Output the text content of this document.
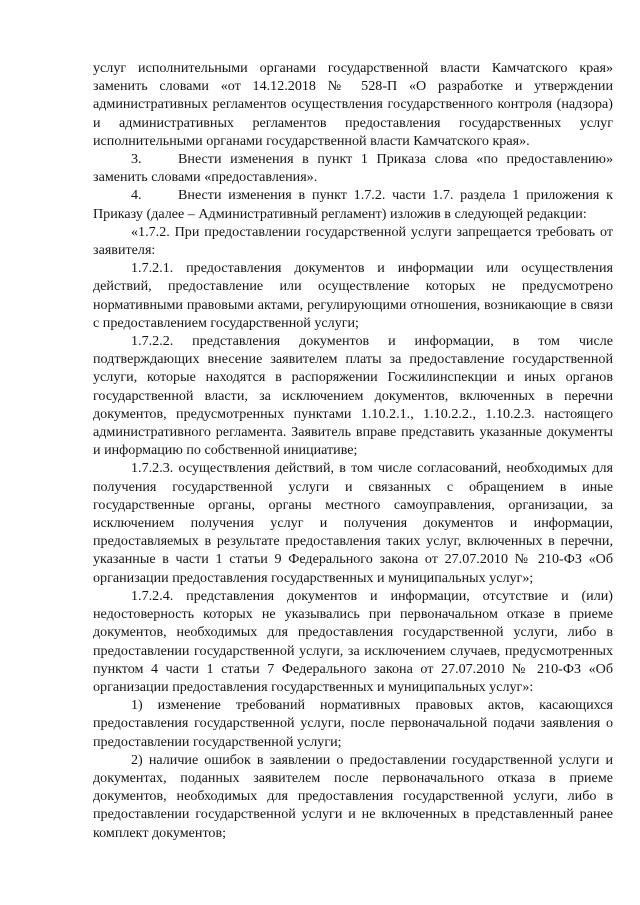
услуг исполнительными органами государственной власти Камчатского края» заменить словами «от 14.12.2018 № 528-П «О разработке и утверждении административных регламентов осуществления государственного контроля (надзора) и административных регламентов предоставления государственных услуг исполнительными органами государственной власти Камчатского края».

3.	Внести изменения в пункт 1 Приказа слова «по предоставлению» заменить словами «предоставления».

4.	Внести изменения в пункт 1.7.2. части 1.7. раздела 1 приложения к Приказу (далее – Административный регламент) изложив в следующей редакции:

«1.7.2. При предоставлении государственной услуги запрещается требовать от заявителя:

1.7.2.1. предоставления документов и информации или осуществления действий, предоставление или осуществление которых не предусмотрено нормативными правовыми актами, регулирующими отношения, возникающие в связи с предоставлением государственной услуги;

1.7.2.2. представления документов и информации, в том числе подтверждающих внесение заявителем платы за предоставление государственной услуги, которые находятся в распоряжении Госжилинспекции и иных органов государственной власти, за исключением документов, включенных в перечни документов, предусмотренных пунктами 1.10.2.1., 1.10.2.2., 1.10.2.3. настоящего административного регламента. Заявитель вправе представить указанные документы и информацию по собственной инициативе;

1.7.2.3. осуществления действий, в том числе согласований, необходимых для получения государственной услуги и связанных с обращением в иные государственные органы, органы местного самоуправления, организации, за исключением получения услуг и получения документов и информации, предоставляемых в результате предоставления таких услуг, включенных в перечни, указанные в части 1 статьи 9 Федерального закона от 27.07.2010 № 210-ФЗ «Об организации предоставления государственных и муниципальных услуг»;

1.7.2.4. представления документов и информации, отсутствие и (или) недостоверность которых не указывались при первоначальном отказе в приеме документов, необходимых для предоставления государственной услуги, либо в предоставлении государственной услуги, за исключением случаев, предусмотренных пунктом 4 части 1 статьи 7 Федерального закона от 27.07.2010 № 210-ФЗ «Об организации предоставления государственных и муниципальных услуг»:

1) изменение требований нормативных правовых актов, касающихся предоставления государственной услуги, после первоначальной подачи заявления о предоставлении государственной услуги;

2) наличие ошибок в заявлении о предоставлении государственной услуги и документах, поданных заявителем после первоначального отказа в приеме документов, необходимых для предоставления государственной услуги, либо в предоставлении государственной услуги и не включенных в представленный ранее комплект документов;
